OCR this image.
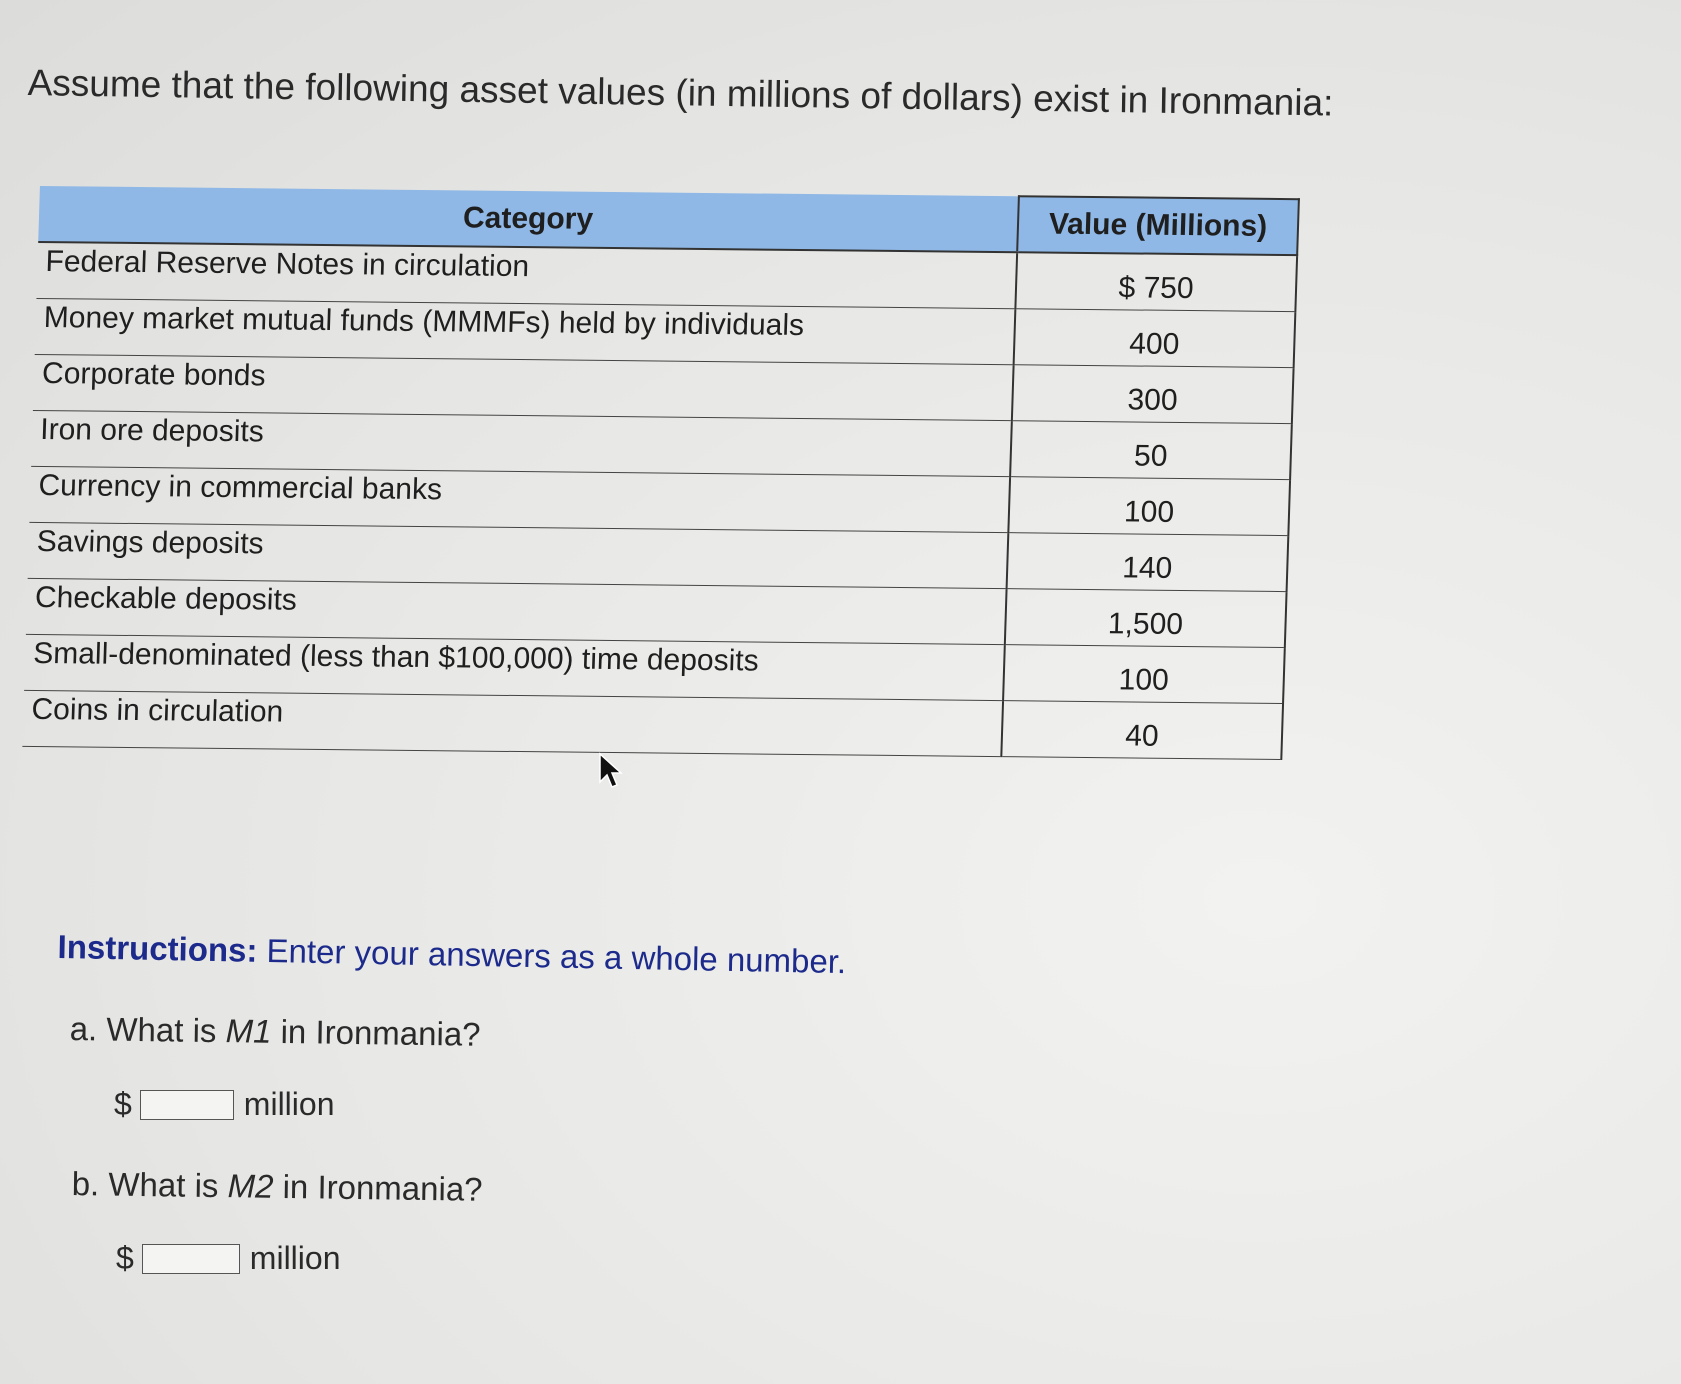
Assume that the following asset values (in millions of dollars) exist in Ironmania:
Category	Value (Millions)
Federal Reserve Notes in circulation	$ 750
Money market mutual funds (MMMFs) held by individuals	400
Corporate bonds	300
Iron ore deposits	50
Currency in commercial banks	100
Savings deposits	140
Checkable deposits	1,500
Small-denominated (less than $100,000) time deposits	100
Coins in circulation	40
Instructions: Enter your answers as a whole number.
a. What is M1 in Ironmania?
$	million
b. What is M2 in Ironmania?
$	million
